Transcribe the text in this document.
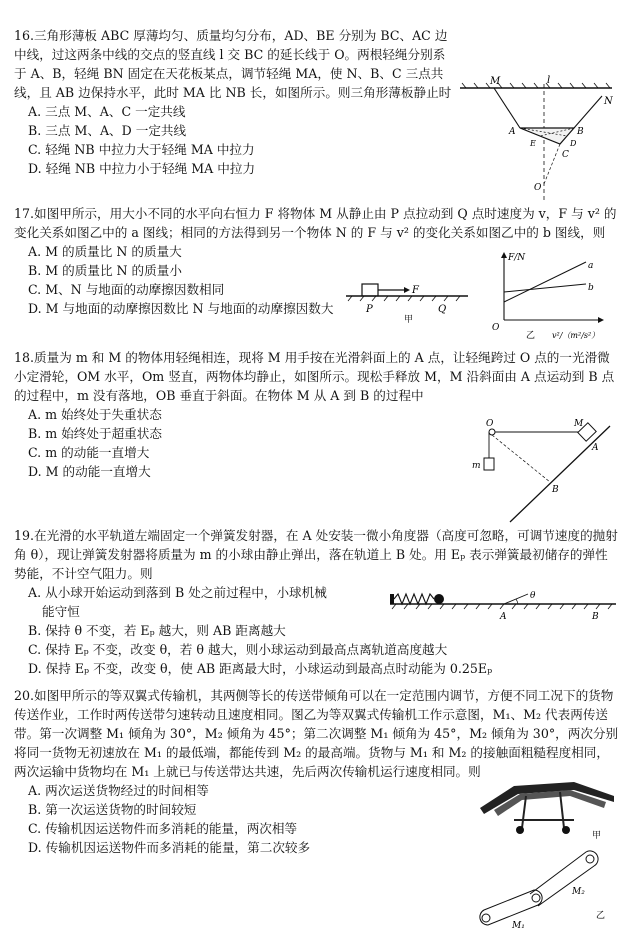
16.三角形薄板 ABC 厚薄均匀、质量均匀分布，AD、BE 分别为 BC、AC 边中线，过这两条中线的交点的竖直线 l 交 BC 的延长线于 O。两根轻绳分别系于 A、B，轻绳 BN 固定在天花板某点，调节轻绳 MA，使 N、B、C 三点共线，且 AB 边保持水平，此时 MA 比 NB 长，如图所示。则三角形薄板静止时
A. 三点 M、A、C 一定共线
B. 三点 M、A、D 一定共线
C. 轻绳 NB 中拉力大于轻绳 MA 中拉力
D. 轻绳 NB 中拉力小于轻绳 MA 中拉力
M	l
N
A	B
E	D
C
O
17.如图甲所示，用大小不同的水平向右恒力 F 将物体 M 从静止由 P 点拉动到 Q 点时速度为 v，F 与 v² 的变化关系如图乙中的 a 图线；相同的方法得到另一个物体 N 的 F 与 v² 的变化关系如图乙中的 b 图线，则
A. M 的质量比 N 的质量大
B. M 的质量比 N 的质量小
C. M、N 与地面的动摩擦因数相同
D. M 与地面的动摩擦因数比 N 与地面的动摩擦因数大
F
P	Q
甲
F/N
a
b
O
v²/（m²/s²）
乙
18.质量为 m 和 M 的物体用轻绳相连，现将 M 用手按在光滑斜面上的 A 点，让轻绳跨过 O 点的一光滑微小定滑轮，OM 水平，Om 竖直，两物体均静止，如图所示。现松手释放 M，M 沿斜面由 A 点运动到 B 点的过程中，m 没有落地，OB 垂直于斜面。在物体 M 从 A 到 B 的过程中
A. m 始终处于失重状态
B. m 始终处于超重状态
C. m 的动能一直增大
D. M 的动能一直增大
O	M
A
m
B
19.在光滑的水平轨道左端固定一个弹簧发射器，在 A 处安装一微小角度器（高度可忽略，可调节速度的抛射角 θ），现让弹簧发射器将质量为 m 的小球由静止弹出，落在轨道上 B 处。用 Eₚ 表示弹簧最初储存的弹性势能，不计空气阻力。则
A. 从小球开始运动到落到 B 处之前过程中，小球机械
能守恒
B. 保持 θ 不变，若 Eₚ 越大，则 AB 距离越大
C. 保持 Eₚ 不变，改变 θ，若 θ 越大，则小球运动到最高点离轨道高度越大
D. 保持 Eₚ 不变，改变 θ，使 AB 距离最大时，小球运动到最高点时动能为 0.25Eₚ
θ
A	B
20.如图甲所示的等双翼式传输机，其两侧等长的传送带倾角可以在一定范围内调节，方便不同工况下的货物传送作业，工作时两传送带匀速转动且速度相同。图乙为等双翼式传输机工作示意图，M₁、M₂ 代表两传送带。第一次调整 M₁ 倾角为 30°，M₂ 倾角为 45°；第二次调整 M₁ 倾角为 45°，M₂ 倾角为 30°，两次分别将同一货物无初速放在 M₁ 的最低端，都能传到 M₂ 的最高端。货物与 M₁ 和 M₂ 的接触面粗糙程度相同，两次运输中货物均在 M₁ 上就已与传送带达共速，先后两次传输机运行速度相同。则
A. 两次运送货物经过的时间相等
B. 第一次运送货物的时间较短
C. 传输机因运送物件而多消耗的能量，两次相等
D. 传输机因运送物件而多消耗的能量，第二次较多
甲
M₂
M₁
乙
